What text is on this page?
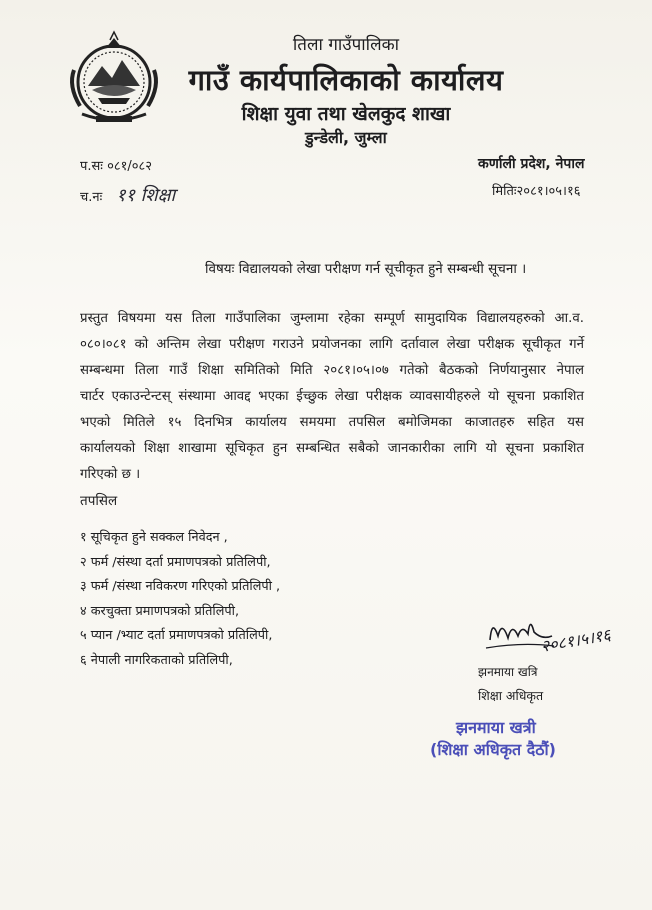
तिला गाउँपालिका
गाउँ कार्यपालिकाको कार्यालय
शिक्षा युवा तथा खेलकुद शाखा
डुन्डेली, जुम्ला
प.सः ०८१/०८२	कर्णाली प्रदेश, नेपाल
च.नः ११ शिक्षा	मितिः२०८१।०५।१६
विषयः विद्यालयको लेखा परीक्षण गर्न सूचीकृत हुने सम्बन्धी सूचना ।
प्रस्तुत विषयमा यस तिला गाउँपालिका जुम्लामा रहेका सम्पूर्ण सामुदायिक विद्यालयहरुको आ.व.
०८०।०८१ को अन्तिम लेखा परीक्षण गराउने प्रयोजनका लागि दर्तावाल लेखा परीक्षक सूचीकृत गर्ने
सम्बन्धमा तिला गाउँ शिक्षा समितिको मिति २०८१।०५।०७ गतेको बैठकको निर्णयानुसार नेपाल
चार्टर एकाउन्टेन्टस् संस्थामा आवद्द भएका ईच्छुक लेखा परीक्षक व्यावसायीहरुले यो सूचना प्रकाशित
भएको मितिले १५ दिनभित्र कार्यालय समयमा तपसिल बमोजिमका काजातहरु सहित यस
कार्यालयको शिक्षा शाखामा सूचिकृत हुन सम्बन्धित सबैको जानकारीका लागि यो सूचना प्रकाशित
गरिएको छ ।
तपसिल
१ सूचिकृत हुने सक्कल निवेदन ,
२ फर्म /संस्था दर्ता प्रमाणपत्रको प्रतिलिपी,
३ फर्म /संस्था नविकरण गरिएको प्रतिलिपी ,
४ करचुक्ता प्रमाणपत्रको प्रतिलिपी,
५ प्यान /भ्याट दर्ता प्रमाणपत्रको प्रतिलिपी,
६ नेपाली नागरिकताको प्रतिलिपी,
२०८१।५।१६
झनमाया खत्रि
शिक्षा अधिकृत
झनमाया खत्री
(शिक्षा अधिकृत दैठौं)
